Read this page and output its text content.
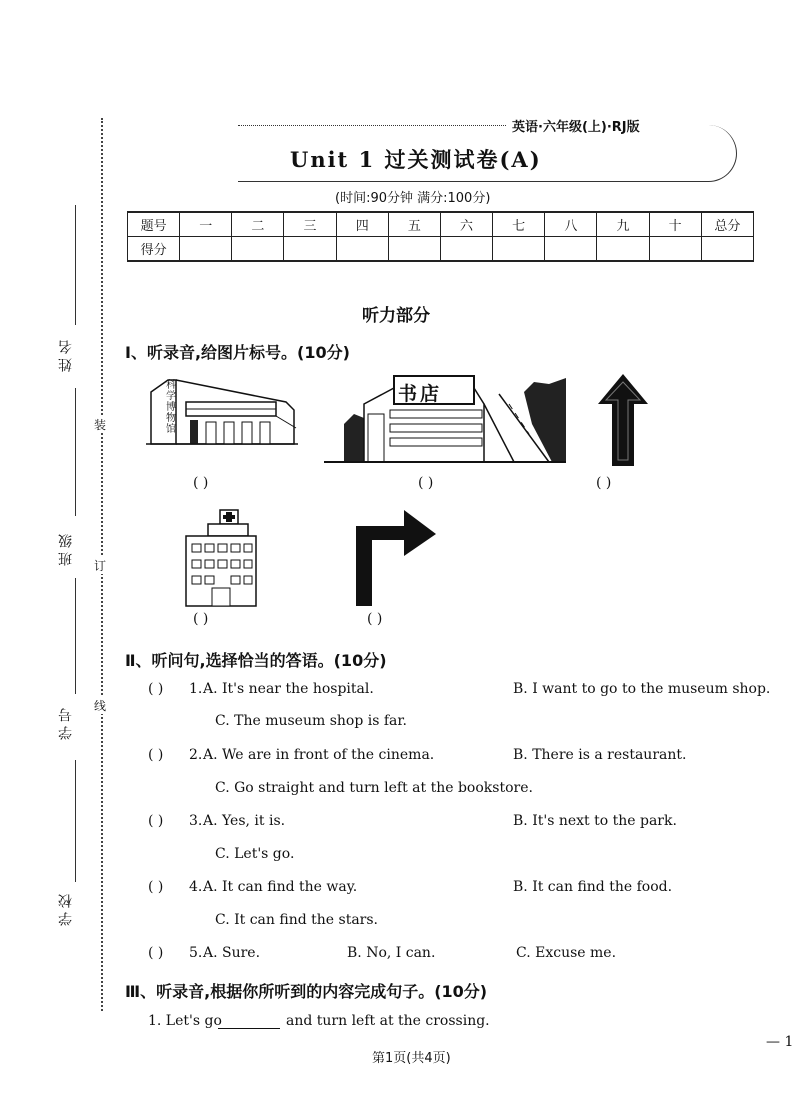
姓名
班级
学号
学校
装
订
线
英语·六年级(上)·RJ版
Unit 1 过关测试卷(A)
(时间:90分钟 满分:100分)
题号	一	二	三	四	五	六	七	八	九	十	总分
得分											
听力部分
Ⅰ、听录音,给图片标号。(10分)
科学博物馆
书店
( )	( )	( )
( )	( )
Ⅱ、听问句,选择恰当的答语。(10分)
( ) 1. A. It's near the hospital.	B. I want to go to the museum shop.
C. The museum shop is far.
( ) 2. A. We are in front of the cinema.	B. There is a restaurant.
C. Go straight and turn left at the bookstore.
( ) 3. A. Yes, it is.	B. It's next to the park.
C. Let's go.
( ) 4. A. It can find the way.	B. It can find the food.
C. It can find the stars.
( ) 5. A. Sure.	B. No, I can.	C. Excuse me.
Ⅲ、听录音,根据你所听到的内容完成句子。(10分)
1. Let's go	and turn left at the crossing.
第1页(共4页)
— 1
